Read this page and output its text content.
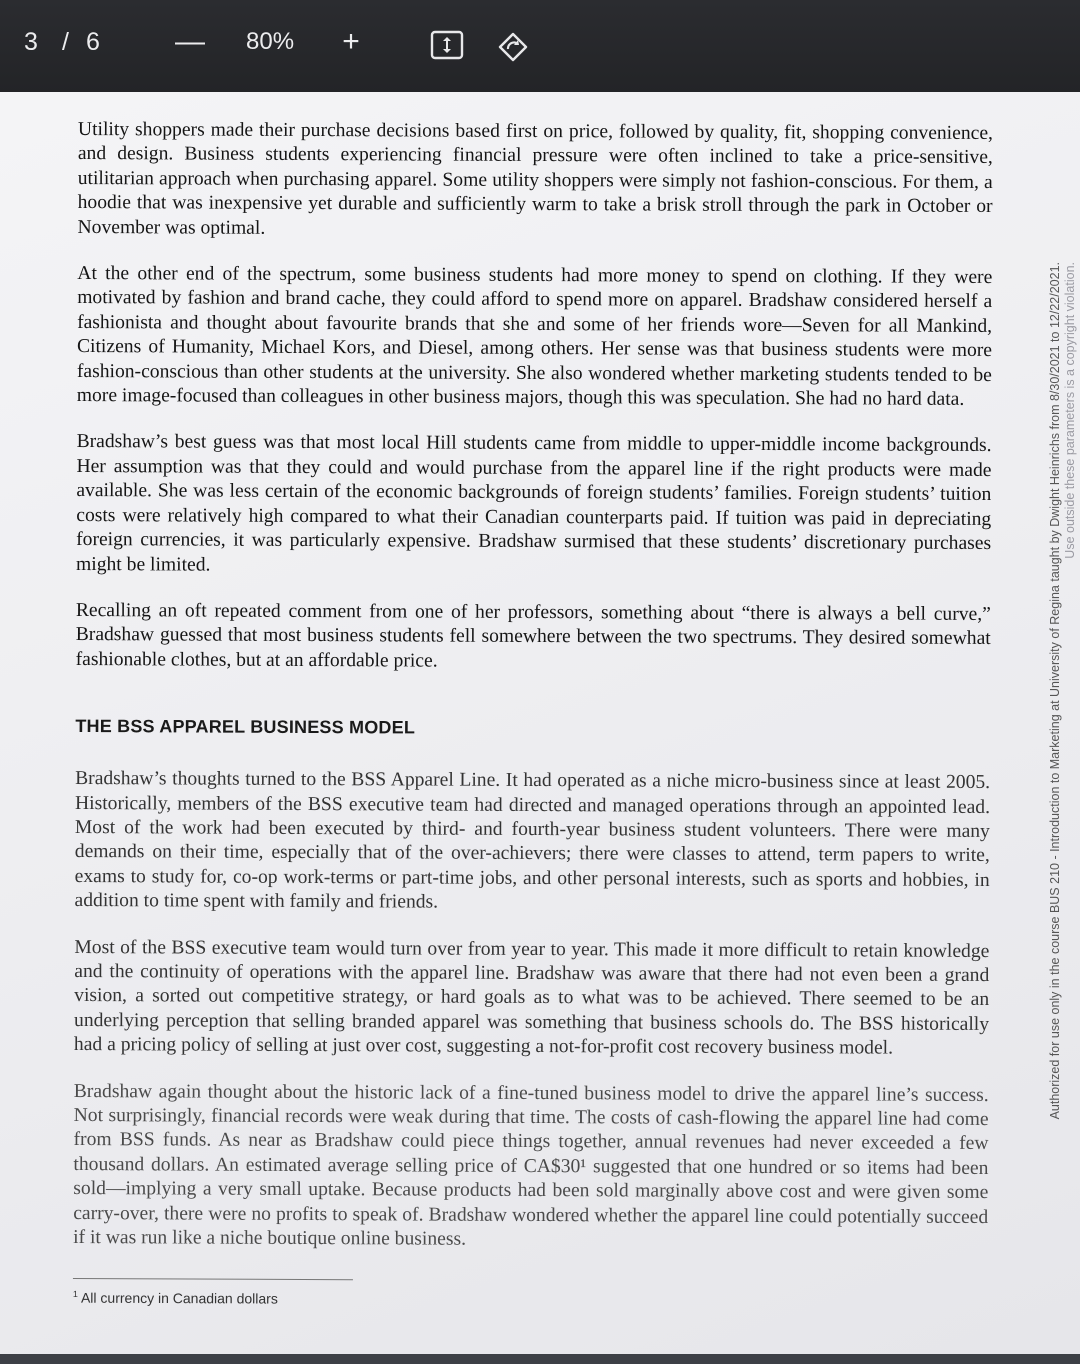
3 / 6	— 80% +

Utility shoppers made their purchase decisions based first on price, followed by quality, fit, shopping convenience, and design. Business students experiencing financial pressure were often inclined to take a price-sensitive, utilitarian approach when purchasing apparel. Some utility shoppers were simply not fashion-conscious. For them, a hoodie that was inexpensive yet durable and sufficiently warm to take a brisk stroll through the park in October or November was optimal.

At the other end of the spectrum, some business students had more money to spend on clothing. If they were motivated by fashion and brand cache, they could afford to spend more on apparel. Bradshaw considered herself a fashionista and thought about favourite brands that she and some of her friends wore—Seven for all Mankind, Citizens of Humanity, Michael Kors, and Diesel, among others. Her sense was that business students were more fashion-conscious than other students at the university. She also wondered whether marketing students tended to be more image-focused than colleagues in other business majors, though this was speculation. She had no hard data.

Bradshaw’s best guess was that most local Hill students came from middle to upper-middle income backgrounds. Her assumption was that they could and would purchase from the apparel line if the right products were made available. She was less certain of the economic backgrounds of foreign students’ families. Foreign students’ tuition costs were relatively high compared to what their Canadian counterparts paid. If tuition was paid in depreciating foreign currencies, it was particularly expensive. Bradshaw surmised that these students’ discretionary purchases might be limited.

Recalling an oft repeated comment from one of her professors, something about “there is always a bell curve,” Bradshaw guessed that most business students fell somewhere between the two spectrums. They desired somewhat fashionable clothes, but at an affordable price.

THE BSS APPAREL BUSINESS MODEL

Bradshaw’s thoughts turned to the BSS Apparel Line. It had operated as a niche micro-business since at least 2005. Historically, members of the BSS executive team had directed and managed operations through an appointed lead. Most of the work had been executed by third- and fourth-year business student volunteers. There were many demands on their time, especially that of the over-achievers; there were classes to attend, term papers to write, exams to study for, co-op work-terms or part-time jobs, and other personal interests, such as sports and hobbies, in addition to time spent with family and friends.

Most of the BSS executive team would turn over from year to year. This made it more difficult to retain knowledge and the continuity of operations with the apparel line. Bradshaw was aware that there had not even been a grand vision, a sorted out competitive strategy, or hard goals as to what was to be achieved. There seemed to be an underlying perception that selling branded apparel was something that business schools do. The BSS historically had a pricing policy of selling at just over cost, suggesting a not-for-profit cost recovery business model.

Bradshaw again thought about the historic lack of a fine-tuned business model to drive the apparel line’s success. Not surprisingly, financial records were weak during that time. The costs of cash-flowing the apparel line had come from BSS funds. As near as Bradshaw could piece things together, annual revenues had never exceeded a few thousand dollars. An estimated average selling price of CA$30¹ suggested that one hundred or so items had been sold—implying a very small uptake. Because products had been sold marginally above cost and were given some carry-over, there were no profits to speak of. Bradshaw wondered whether the apparel line could potentially succeed if it was run like a niche boutique online business.

$^1$ All currency in Canadian dollars
Authorized for use only in the course BUS 210 - Introduction to Marketing at University of Regina taught by Dwight Heinrichs from 8/30/2021 to 12/22/2021. Use outside these parameters is a copyright violation.
